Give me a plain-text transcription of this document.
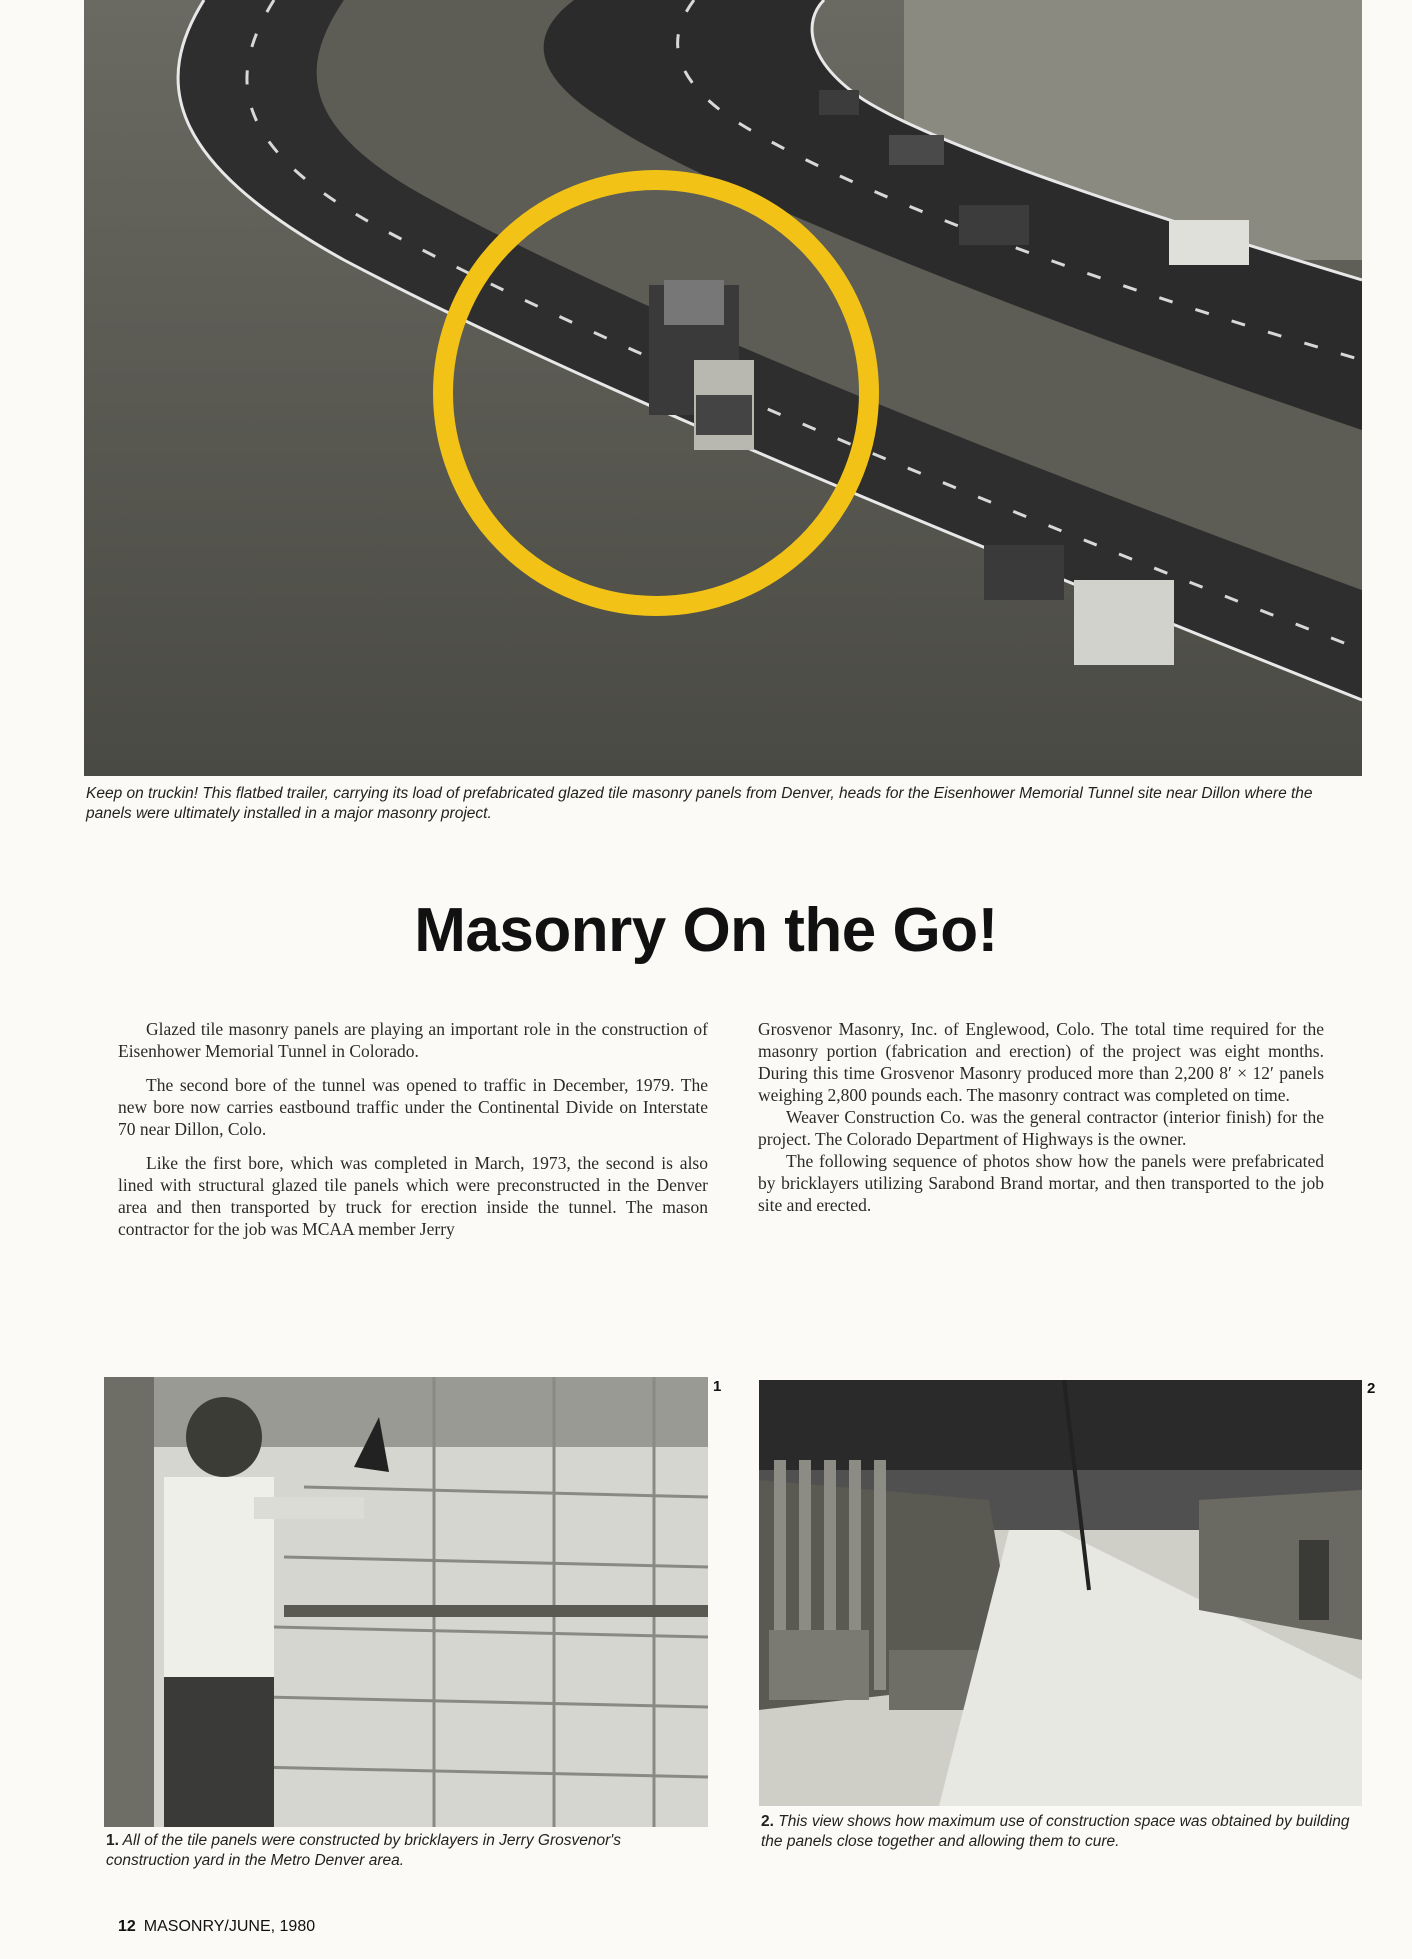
Keep on truckin! This flatbed trailer, carrying its load of prefabricated glazed tile masonry panels from Denver, heads for the Eisenhower Memorial Tunnel site near Dillon where the panels were ultimately installed in a major masonry project.
Masonry On the Go!

Glazed tile masonry panels are playing an important role in the construction of Eisenhower Memorial Tunnel in Colorado.

The second bore of the tunnel was opened to traffic in December, 1979. The new bore now carries eastbound traffic under the Continental Divide on Interstate 70 near Dillon, Colo.

Like the first bore, which was completed in March, 1973, the second is also lined with structural glazed tile panels which were preconstructed in the Denver area and then transported by truck for erection inside the tunnel. The mason contractor for the job was MCAA member Jerry

Grosvenor Masonry, Inc. of Englewood, Colo. The total time required for the masonry portion (fabrication and erection) of the project was eight months. During this time Grosvenor Masonry produced more than 2,200 8′ × 12′ panels weighing 2,800 pounds each. The masonry contract was completed on time.

Weaver Construction Co. was the general contractor (interior finish) for the project. The Colorado Department of Highways is the owner.

The following sequence of photos show how the panels were prefabricated by bricklayers utilizing Sarabond Brand mortar, and then transported to the job site and erected.

1
1. All of the tile panels were constructed by bricklayers in Jerry Grosvenor's construction yard in the Metro Denver area.
2
2. This view shows how maximum use of construction space was obtained by building the panels close together and allowing them to cure.
12 MASONRY/JUNE, 1980
